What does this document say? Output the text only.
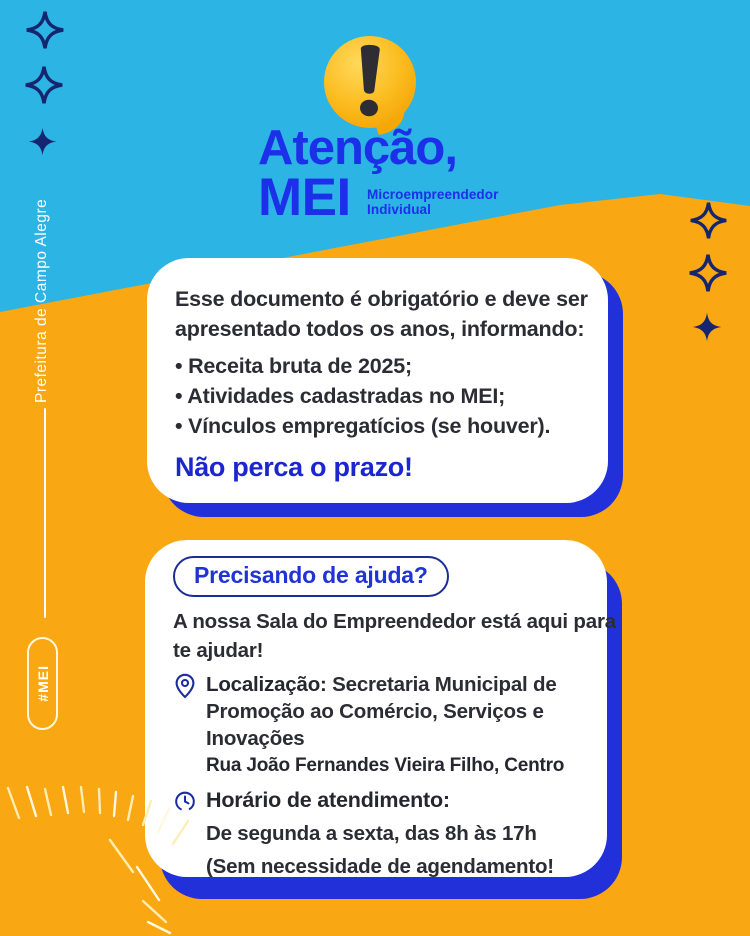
Prefeitura de Campo Alegre
#MEI
Atenção,
MEI Microempreendedor
Individual
Esse documento é obrigatório e deve ser
apresentado todos os anos, informando:
• Receita bruta de 2025;
• Atividades cadastradas no MEI;
• Vínculos empregatícios (se houver).
Não perca o prazo!
Precisando de ajuda?
A nossa Sala do Empreendedor está aqui para
te ajudar!
Localização: Secretaria Municipal de
Promoção ao Comércio, Serviços e
Inovações
Rua João Fernandes Vieira Filho, Centro
Horário de atendimento:
De segunda a sexta, das 8h às 17h
(Sem necessidade de agendamento!
